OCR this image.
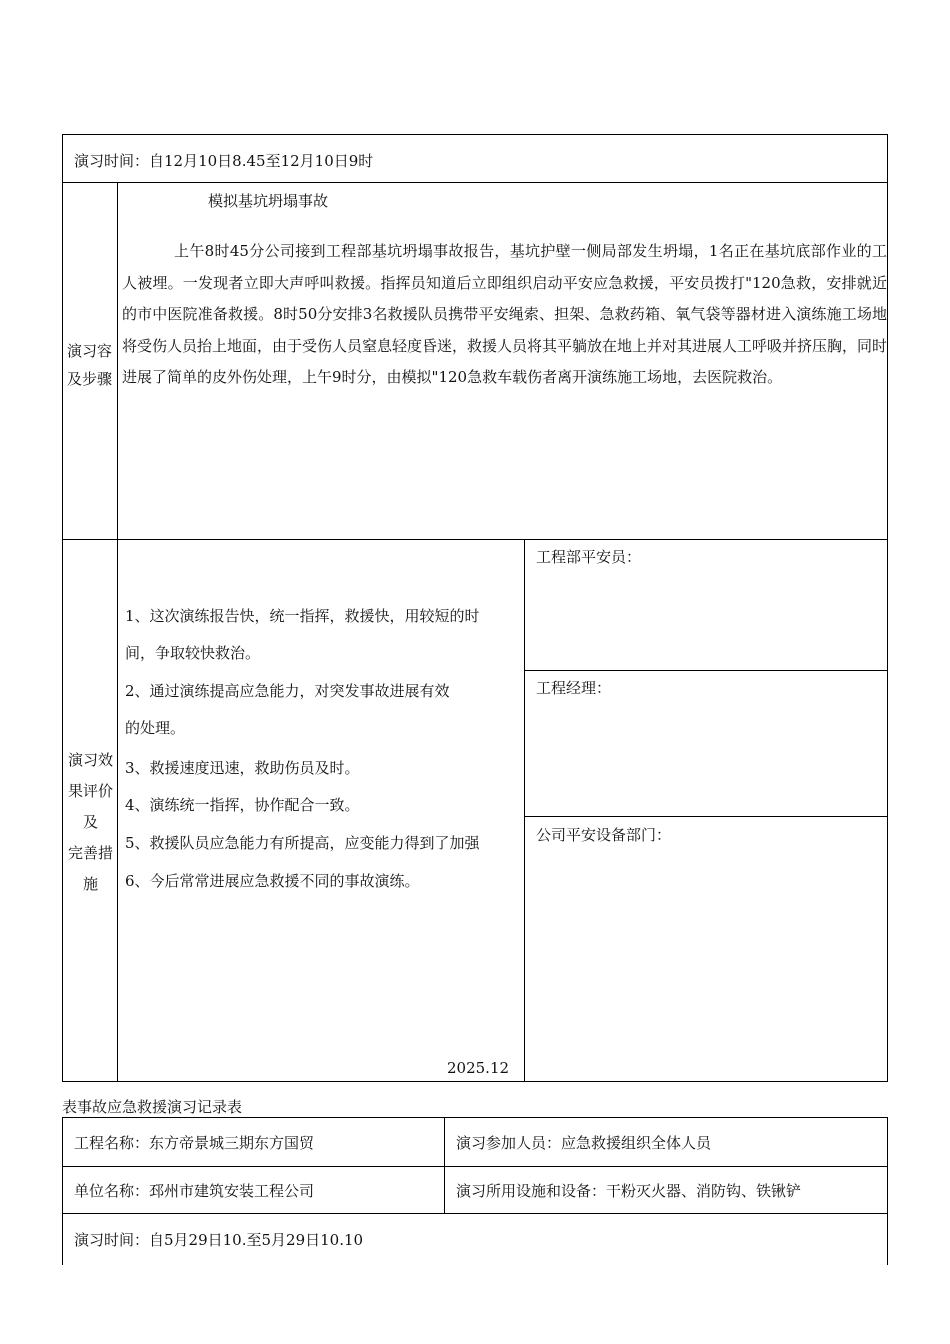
演习时间：自12月10日8.45至12月10日9时
演习容
及步骤
模拟基坑坍塌事故
上午8时45分公司接到工程部基坑坍塌事故报告，基坑护壁一侧局部发生坍塌，1名正在基坑底部作业的工人被埋。一发现者立即大声呼叫救援。指挥员知道后立即组织启动平安应急救援，平安员拨打"120急救，安排就近的市中医院准备救援。8时50分安排3名救援队员携带平安绳索、担架、急救药箱、氧气袋等器材进入演练施工场地将受伤人员抬上地面，由于受伤人员窒息轻度昏迷，救援人员将其平躺放在地上并对其进展人工呼吸并挤压胸，同时进展了简单的皮外伤处理，上午9时分，由模拟"120急救车载伤者离开演练施工场地，去医院救治。
演习效
果评价
及
完善措
施
1、这次演练报告快，统一指挥，救援快，用较短的时
间，争取较快救治。
2、通过演练提高应急能力，对突发事故进展有效
的处理。
3、救援速度迅速，救助伤员及时。
4、演练统一指挥，协作配合一致。
5、救援队员应急能力有所提高，应变能力得到了加强
6、今后常常进展应急救援不同的事故演练。
2025.12
工程部平安员：
工程经理：
公司平安设备部门：
表事故应急救援演习记录表
工程名称：东方帝景城三期东方国贸	演习参加人员：应急救援组织全体人员
单位名称：邳州市建筑安装工程公司	演习所用设施和设备：干粉灭火器、消防钩、铁锹铲
演习时间：自5月29日10.至5月29日10.10
